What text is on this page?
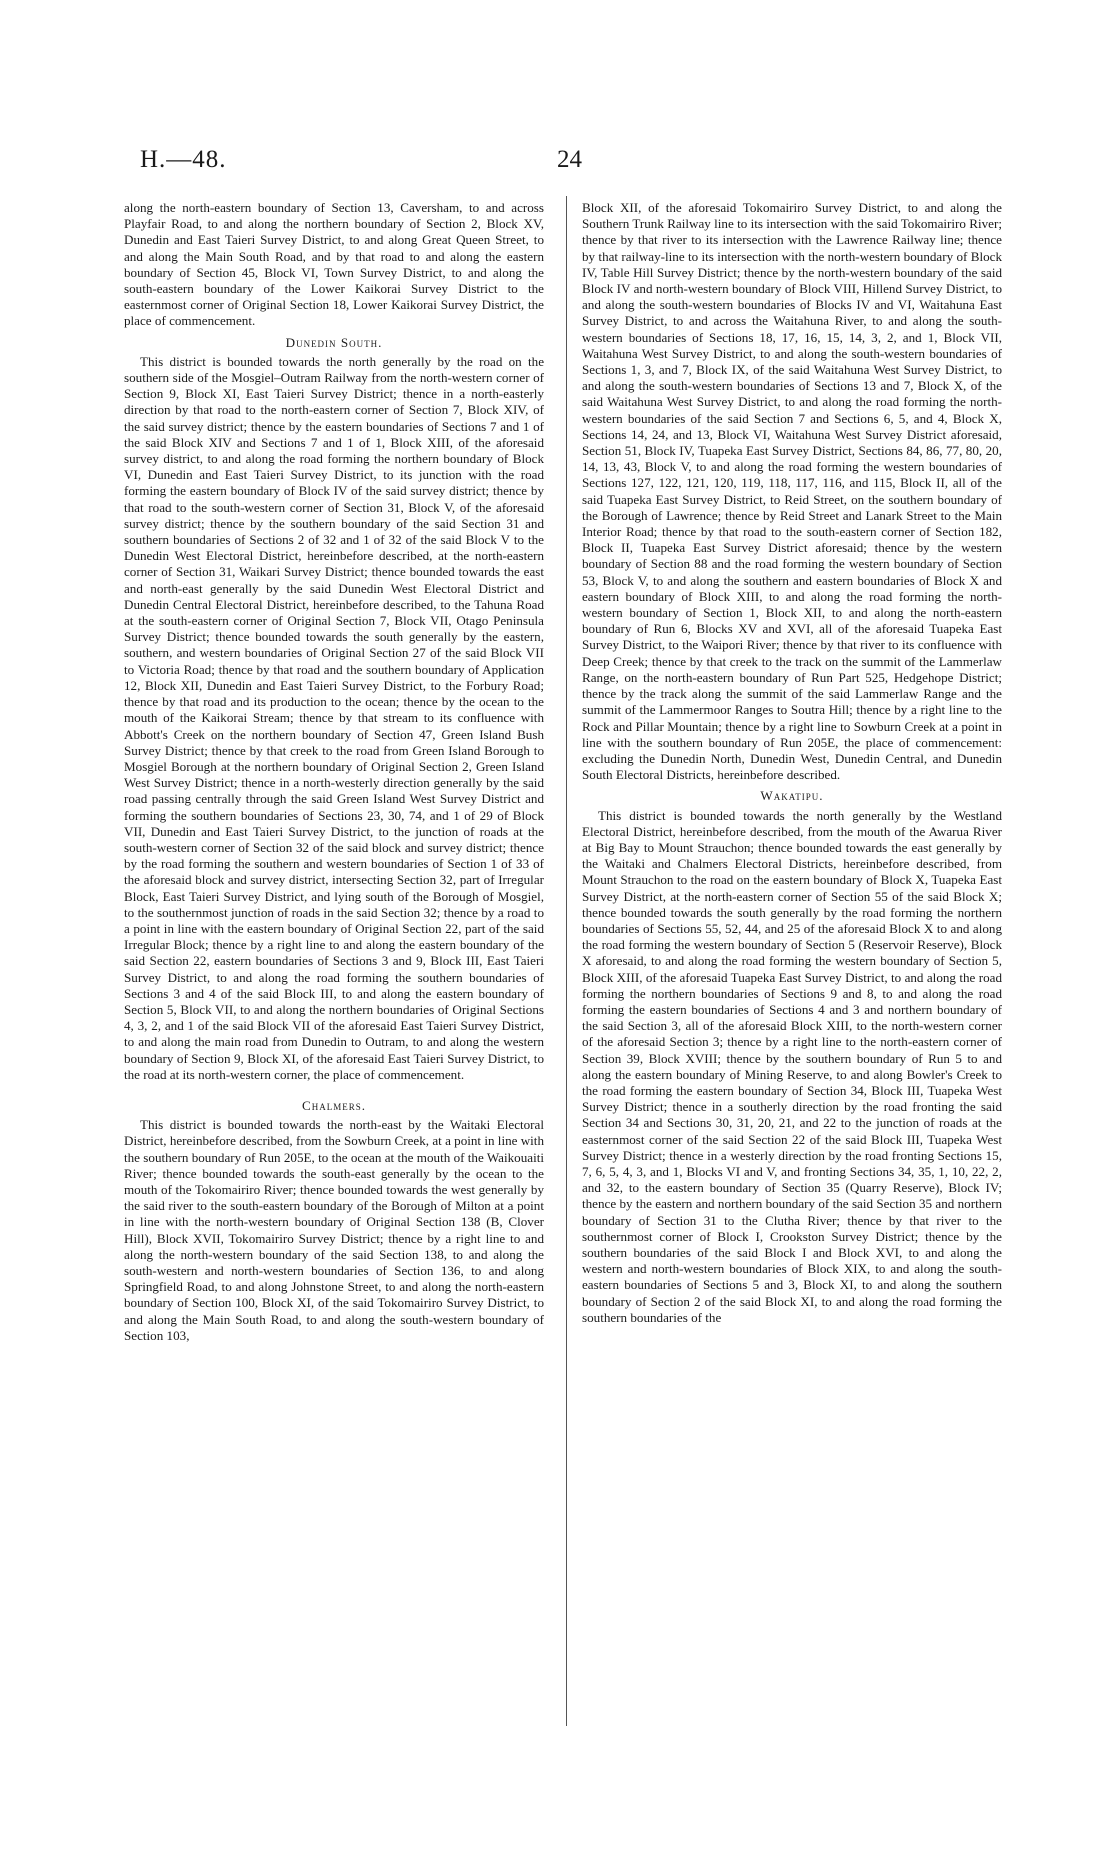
H.—48.	24

along the north-eastern boundary of Section 13, Caversham, to and across Playfair Road, to and along the northern boundary of Section 2, Block XV, Dunedin and East Taieri Survey District, to and along Great Queen Street, to and along the Main South Road, and by that road to and along the eastern boundary of Section 45, Block VI, Town Survey District, to and along the south-eastern boundary of the Lower Kaikorai Survey District to the easternmost corner of Original Section 18, Lower Kaikorai Survey District, the place of commencement.

Dunedin South.

This district is bounded towards the north generally by the road on the southern side of the Mosgiel–Outram Railway from the north-western corner of Section 9, Block XI, East Taieri Survey District; thence in a north-easterly direction by that road to the north-eastern corner of Section 7, Block XIV, of the said survey district; thence by the eastern boundaries of Sections 7 and 1 of the said Block XIV and Sections 7 and 1 of 1, Block XIII, of the aforesaid survey district, to and along the road forming the northern boundary of Block VI, Dunedin and East Taieri Survey District, to its junction with the road forming the eastern boundary of Block IV of the said survey district; thence by that road to the south-western corner of Section 31, Block V, of the aforesaid survey district; thence by the southern boundary of the said Section 31 and southern boundaries of Sections 2 of 32 and 1 of 32 of the said Block V to the Dunedin West Electoral District, hereinbefore described, at the north-eastern corner of Section 31, Waikari Survey District; thence bounded towards the east and north-east generally by the said Dunedin West Electoral District and Dunedin Central Electoral District, hereinbefore described, to the Tahuna Road at the south-eastern corner of Original Section 7, Block VII, Otago Peninsula Survey District; thence bounded towards the south generally by the eastern, southern, and western boundaries of Original Section 27 of the said Block VII to Victoria Road; thence by that road and the southern boundary of Application 12, Block XII, Dunedin and East Taieri Survey District, to the Forbury Road; thence by that road and its production to the ocean; thence by the ocean to the mouth of the Kaikorai Stream; thence by that stream to its confluence with Abbott's Creek on the northern boundary of Section 47, Green Island Bush Survey District; thence by that creek to the road from Green Island Borough to Mosgiel Borough at the northern boundary of Original Section 2, Green Island West Survey District; thence in a north-westerly direction generally by the said road passing centrally through the said Green Island West Survey District and forming the southern boundaries of Sections 23, 30, 74, and 1 of 29 of Block VII, Dunedin and East Taieri Survey District, to the junction of roads at the south-western corner of Section 32 of the said block and survey district; thence by the road forming the southern and western boundaries of Section 1 of 33 of the aforesaid block and survey district, intersecting Section 32, part of Irregular Block, East Taieri Survey District, and lying south of the Borough of Mosgiel, to the southernmost junction of roads in the said Section 32; thence by a road to a point in line with the eastern boundary of Original Section 22, part of the said Irregular Block; thence by a right line to and along the eastern boundary of the said Section 22, eastern boundaries of Sections 3 and 9, Block III, East Taieri Survey District, to and along the road forming the southern boundaries of Sections 3 and 4 of the said Block III, to and along the eastern boundary of Section 5, Block VII, to and along the northern boundaries of Original Sections 4, 3, 2, and 1 of the said Block VII of the aforesaid East Taieri Survey District, to and along the main road from Dunedin to Outram, to and along the western boundary of Section 9, Block XI, of the aforesaid East Taieri Survey District, to the road at its north-western corner, the place of commencement.

Chalmers.

This district is bounded towards the north-east by the Waitaki Electoral District, hereinbefore described, from the Sowburn Creek, at a point in line with the southern boundary of Run 205E, to the ocean at the mouth of the Waikouaiti River; thence bounded towards the south-east generally by the ocean to the mouth of the Tokomairiro River; thence bounded towards the west generally by the said river to the south-eastern boundary of the Borough of Milton at a point in line with the north-western boundary of Original Section 138 (B, Clover Hill), Block XVII, Tokomairiro Survey District; thence by a right line to and along the north-western boundary of the said Section 138, to and along the south-western and north-western boundaries of Section 136, to and along Springfield Road, to and along Johnstone Street, to and along the north-eastern boundary of Section 100, Block XI, of the said Tokomairiro Survey District, to and along the Main South Road, to and along the south-western boundary of Section 103,

Block XII, of the aforesaid Tokomairiro Survey District, to and along the Southern Trunk Railway line to its intersection with the said Tokomairiro River; thence by that river to its intersection with the Lawrence Railway line; thence by that railway-line to its intersection with the north-western boundary of Block IV, Table Hill Survey District; thence by the north-western boundary of the said Block IV and north-western boundary of Block VIII, Hillend Survey District, to and along the south-western boundaries of Blocks IV and VI, Waitahuna East Survey District, to and across the Waitahuna River, to and along the south-western boundaries of Sections 18, 17, 16, 15, 14, 3, 2, and 1, Block VII, Waitahuna West Survey District, to and along the south-western boundaries of Sections 1, 3, and 7, Block IX, of the said Waitahuna West Survey District, to and along the south-western boundaries of Sections 13 and 7, Block X, of the said Waitahuna West Survey District, to and along the road forming the north-western boundaries of the said Section 7 and Sections 6, 5, and 4, Block X, Sections 14, 24, and 13, Block VI, Waitahuna West Survey District aforesaid, Section 51, Block IV, Tuapeka East Survey District, Sections 84, 86, 77, 80, 20, 14, 13, 43, Block V, to and along the road forming the western boundaries of Sections 127, 122, 121, 120, 119, 118, 117, 116, and 115, Block II, all of the said Tuapeka East Survey District, to Reid Street, on the southern boundary of the Borough of Lawrence; thence by Reid Street and Lanark Street to the Main Interior Road; thence by that road to the south-eastern corner of Section 182, Block II, Tuapeka East Survey District aforesaid; thence by the western boundary of Section 88 and the road forming the western boundary of Section 53, Block V, to and along the southern and eastern boundaries of Block X and eastern boundary of Block XIII, to and along the road forming the north-western boundary of Section 1, Block XII, to and along the north-eastern boundary of Run 6, Blocks XV and XVI, all of the aforesaid Tuapeka East Survey District, to the Waipori River; thence by that river to its confluence with Deep Creek; thence by that creek to the track on the summit of the Lammerlaw Range, on the north-eastern boundary of Run Part 525, Hedgehope District; thence by the track along the summit of the said Lammerlaw Range and the summit of the Lammermoor Ranges to Soutra Hill; thence by a right line to the Rock and Pillar Mountain; thence by a right line to Sowburn Creek at a point in line with the southern boundary of Run 205E, the place of commencement: excluding the Dunedin North, Dunedin West, Dunedin Central, and Dunedin South Electoral Districts, hereinbefore described.

Wakatipu.

This district is bounded towards the north generally by the Westland Electoral District, hereinbefore described, from the mouth of the Awarua River at Big Bay to Mount Strauchon; thence bounded towards the east generally by the Waitaki and Chalmers Electoral Districts, hereinbefore described, from Mount Strauchon to the road on the eastern boundary of Block X, Tuapeka East Survey District, at the north-eastern corner of Section 55 of the said Block X; thence bounded towards the south generally by the road forming the northern boundaries of Sections 55, 52, 44, and 25 of the aforesaid Block X to and along the road forming the western boundary of Section 5 (Reservoir Reserve), Block X aforesaid, to and along the road forming the western boundary of Section 5, Block XIII, of the aforesaid Tuapeka East Survey District, to and along the road forming the northern boundaries of Sections 9 and 8, to and along the road forming the eastern boundaries of Sections 4 and 3 and northern boundary of the said Section 3, all of the aforesaid Block XIII, to the north-western corner of the aforesaid Section 3; thence by a right line to the north-eastern corner of Section 39, Block XVIII; thence by the southern boundary of Run 5 to and along the eastern boundary of Mining Reserve, to and along Bowler's Creek to the road forming the eastern boundary of Section 34, Block III, Tuapeka West Survey District; thence in a southerly direction by the road fronting the said Section 34 and Sections 30, 31, 20, 21, and 22 to the junction of roads at the easternmost corner of the said Section 22 of the said Block III, Tuapeka West Survey District; thence in a westerly direction by the road fronting Sections 15, 7, 6, 5, 4, 3, and 1, Blocks VI and V, and fronting Sections 34, 35, 1, 10, 22, 2, and 32, to the eastern boundary of Section 35 (Quarry Reserve), Block IV; thence by the eastern and northern boundary of the said Section 35 and northern boundary of Section 31 to the Clutha River; thence by that river to the southernmost corner of Block I, Crookston Survey District; thence by the southern boundaries of the said Block I and Block XVI, to and along the western and north-western boundaries of Block XIX, to and along the south-eastern boundaries of Sections 5 and 3, Block XI, to and along the southern boundary of Section 2 of the said Block XI, to and along the road forming the southern boundaries of the
